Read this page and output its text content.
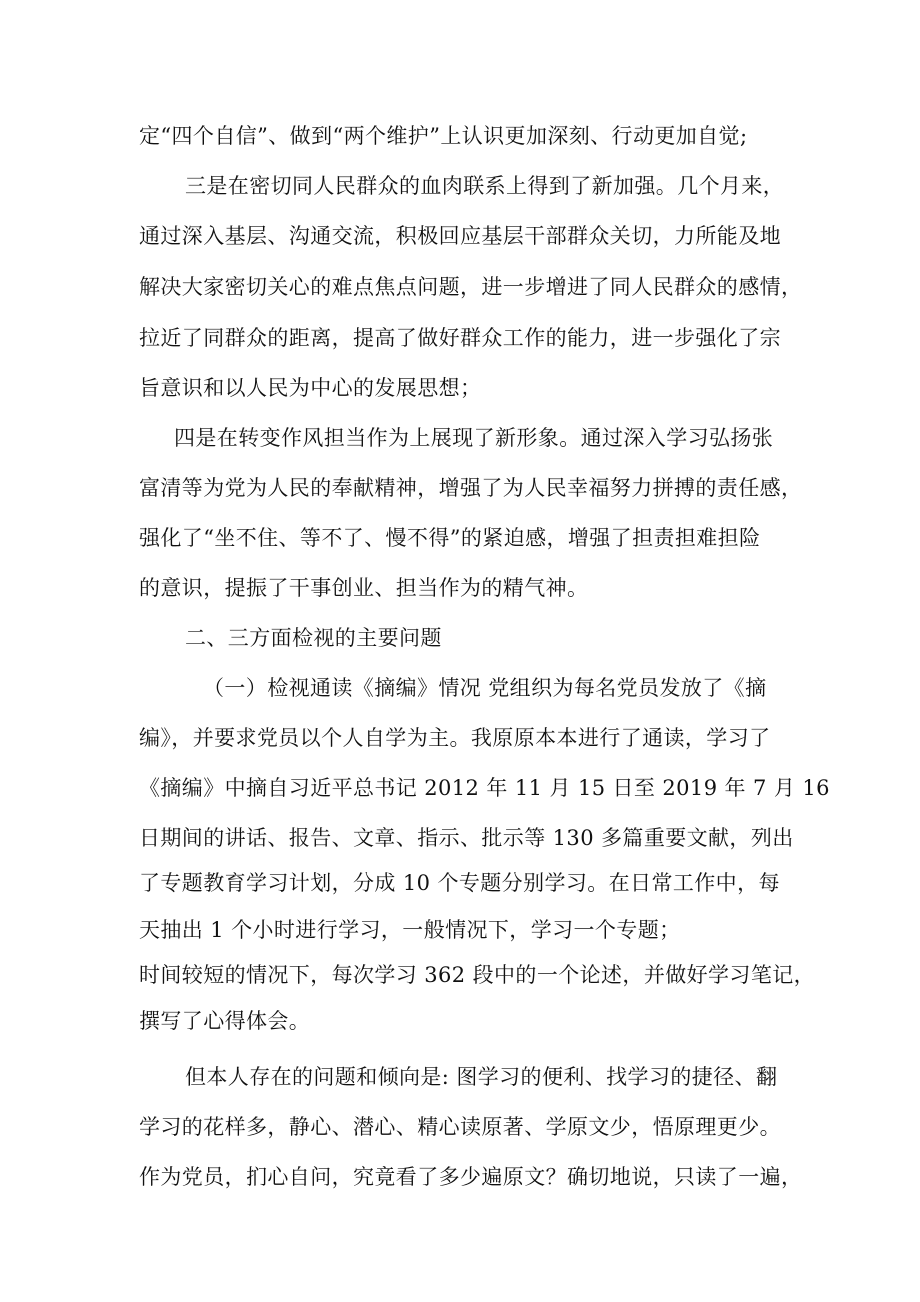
定“四个自信”、做到“两个维护”上认识更加深刻、行动更加自觉;
三是在密切同人民群众的血肉联系上得到了新加强。几个月来，
通过深入基层、沟通交流，积极回应基层干部群众关切，力所能及地
解决大家密切关心的难点焦点问题，进一步增进了同人民群众的感情，
拉近了同群众的距离，提高了做好群众工作的能力，进一步强化了宗
旨意识和以人民为中心的发展思想；
四是在转变作风担当作为上展现了新形象。通过深入学习弘扬张
富清等为党为人民的奉献精神，增强了为人民幸福努力拼搏的责任感，
强化了“坐不住、等不了、慢不得”的紧迫感，增强了担责担难担险
的意识，提振了干事创业、担当作为的精气神。
二、三方面检视的主要问题
（一）检视通读《摘编》情况 党组织为每名党员发放了《摘
编》，并要求党员以个人自学为主。我原原本本进行了通读，学习了
《摘编》中摘自习近平总书记 2012 年 11 月 15 日至 2019 年 7 月 16
日期间的讲话、报告、文章、指示、批示等 130 多篇重要文献，列出
了专题教育学习计划，分成 10 个专题分别学习。在日常工作中，每
天抽出 1 个小时进行学习，一般情况下，学习一个专题；
时间较短的情况下，每次学习 362 段中的一个论述，并做好学习笔记，
撰写了心得体会。
但本人存在的问题和倾向是: 图学习的便利、找学习的捷径、翻
学习的花样多，静心、潜心、精心读原著、学原文少，悟原理更少。
作为党员，扪心自问，究竟看了多少遍原文？确切地说，只读了一遍，
